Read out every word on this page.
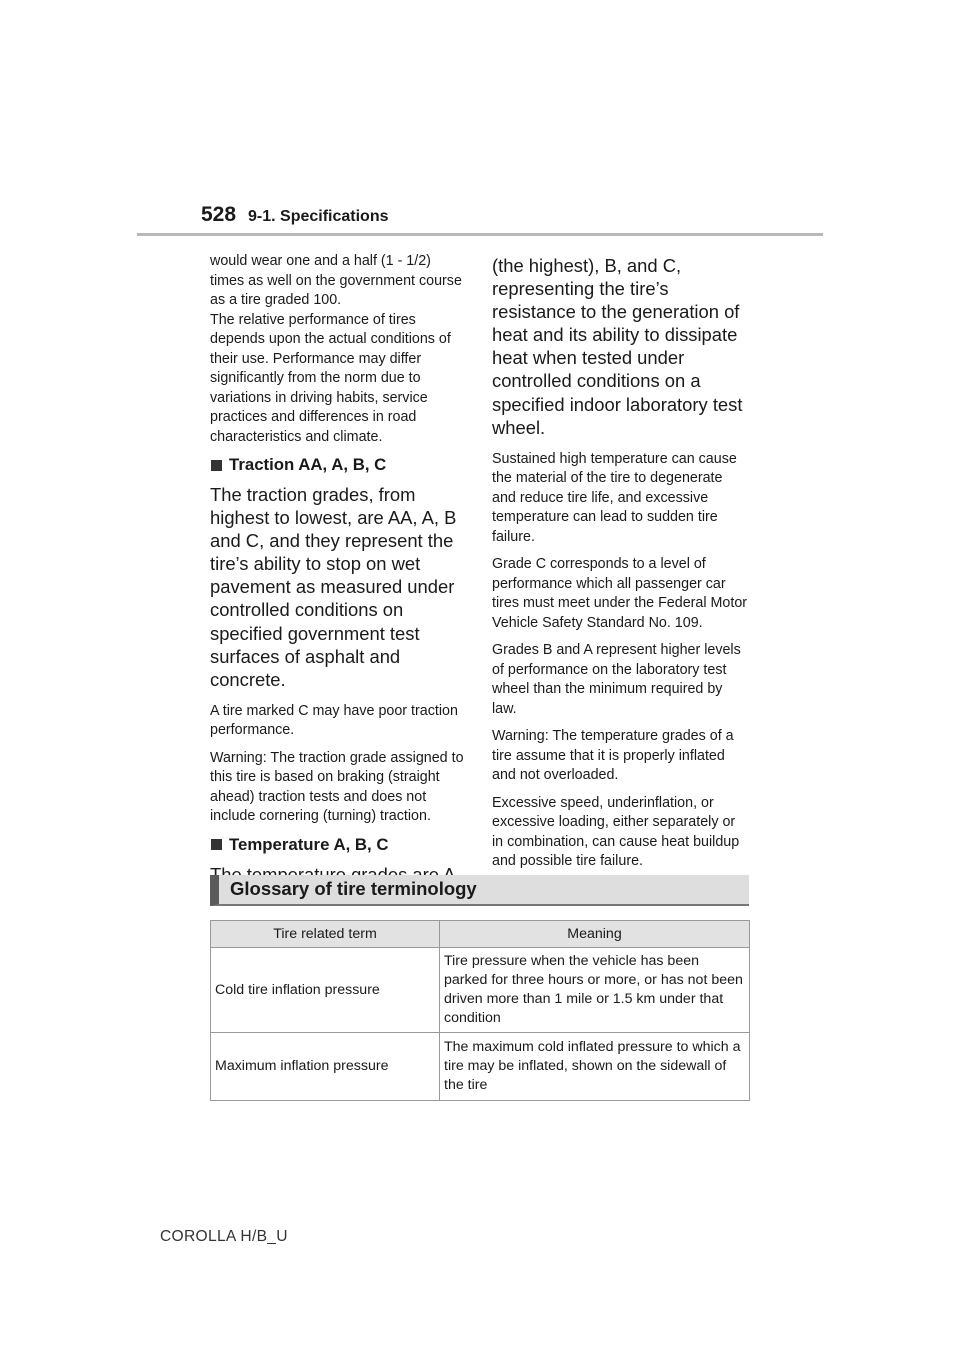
528 9-1. Specifications

would wear one and a half (1 - 1/2) times as well on the government course as a tire graded 100.

The relative performance of tires depends upon the actual conditions of their use. Performance may differ significantly from the norm due to variations in driving habits, service practices and differences in road characteristics and climate.

Traction AA, A, B, C

The traction grades, from highest to lowest, are AA, A, B and C, and they represent the tire’s ability to stop on wet pavement as measured under controlled conditions on specified government test surfaces of asphalt and concrete.

A tire marked C may have poor traction performance.

Warning: The traction grade assigned to this tire is based on braking (straight ahead) traction tests and does not include cornering (turning) traction.

Temperature A, B, C

(the highest), B, and C, representing the tire’s resistance to the generation of heat and its ability to dissipate heat when tested under controlled conditions on a specified indoor laboratory test wheel.

Sustained high temperature can cause the material of the tire to degenerate and reduce tire life, and excessive temperature can lead to sudden tire failure.

Grade C corresponds to a level of performance which all passenger car tires must meet under the Federal Motor Vehicle Safety Standard No. 109.

Grades B and A represent higher levels of performance on the laboratory test wheel than the minimum required by law.

Warning: The temperature grades of a tire assume that it is properly inflated and not overloaded.

Excessive speed, underinflation, or excessive loading, either separately or in combination, can cause heat buildup and possible tire failure.

Glossary of tire terminology
Tire related term	Meaning
Cold tire inflation pressure	Tire pressure when the vehicle has been parked for three hours or more, or has not been driven more than 1 mile or 1.5 km under that condition
Maximum inflation pressure	The maximum cold inflated pressure to which a tire may be inflated, shown on the sidewall of the tire
COROLLA H/B_U
